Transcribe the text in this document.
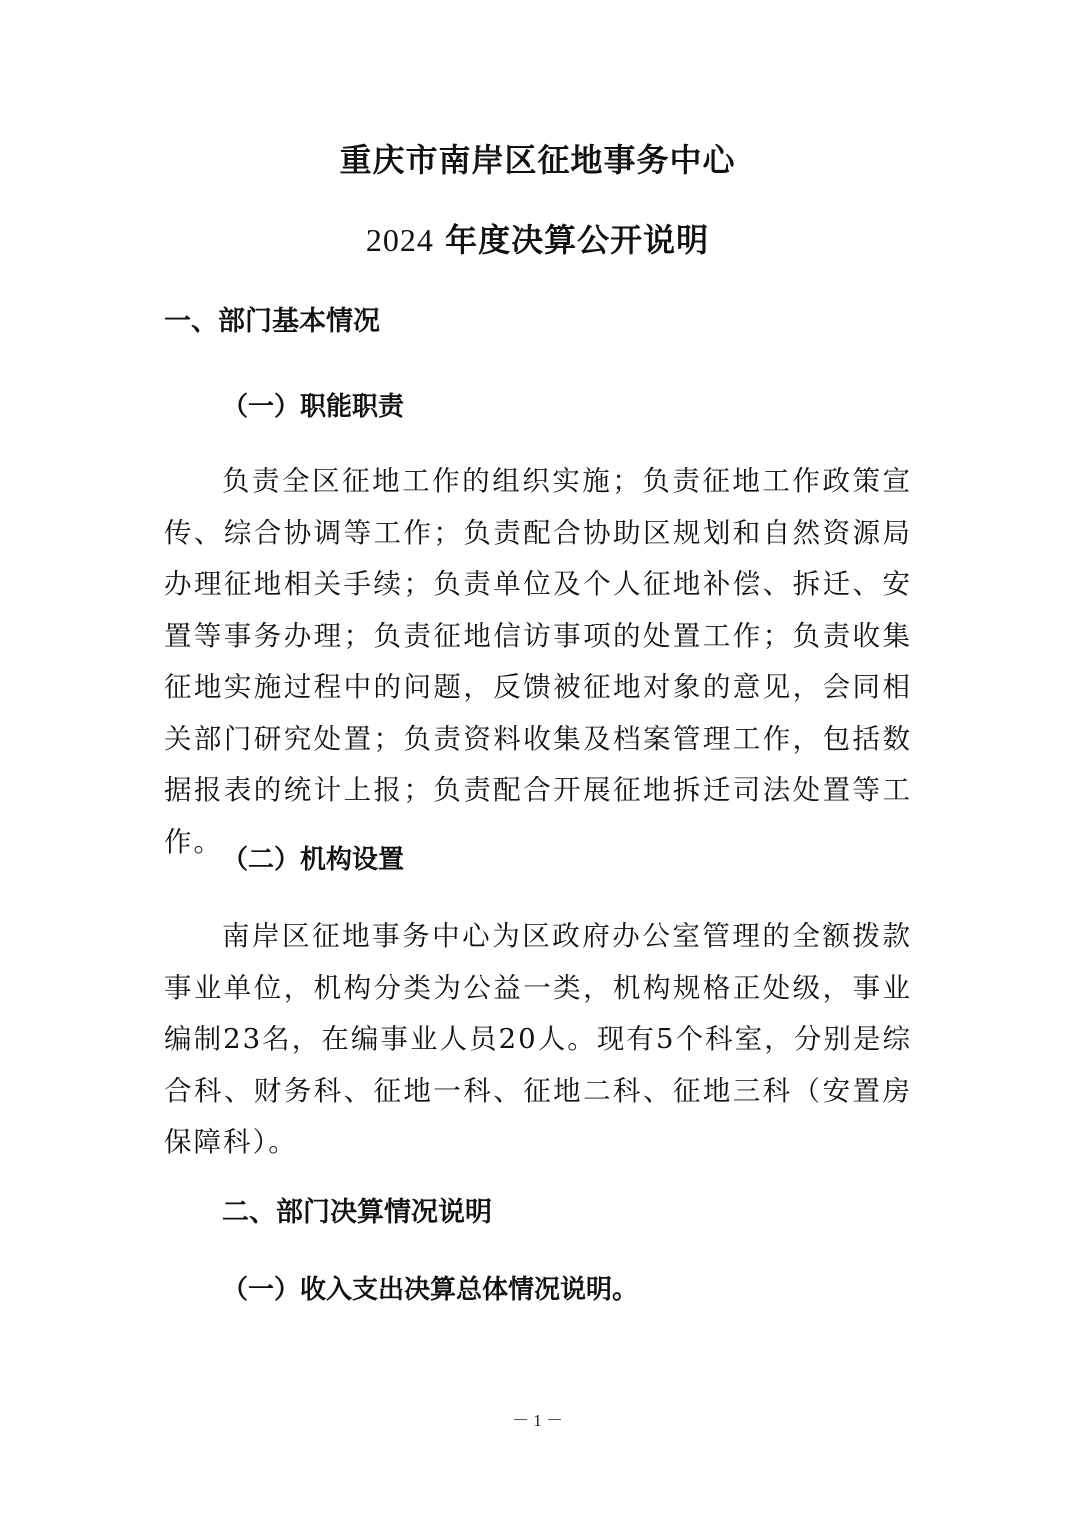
重庆市南岸区征地事务中心
2024 年度决算公开说明
一、部门基本情况
（一）职能职责

负责全区征地工作的组织实施；负责征地工作政策宣传、综合协调等工作；负责配合协助区规划和自然资源局办理征地相关手续；负责单位及个人征地补偿、拆迁、安置等事务办理；负责征地信访事项的处置工作；负责收集征地实施过程中的问题，反馈被征地对象的意见，会同相关部门研究处置；负责资料收集及档案管理工作，包括数据报表的统计上报；负责配合开展征地拆迁司法处置等工作。

（二）机构设置

南岸区征地事务中心为区政府办公室管理的全额拨款事业单位，机构分类为公益一类，机构规格正处级，事业编制23名，在编事业人员20人。现有5个科室，分别是综合科、财务科、征地一科、征地二科、征地三科（安置房保障科）。

二、部门决算情况说明
（一）收入支出决算总体情况说明。
－ 1 －
